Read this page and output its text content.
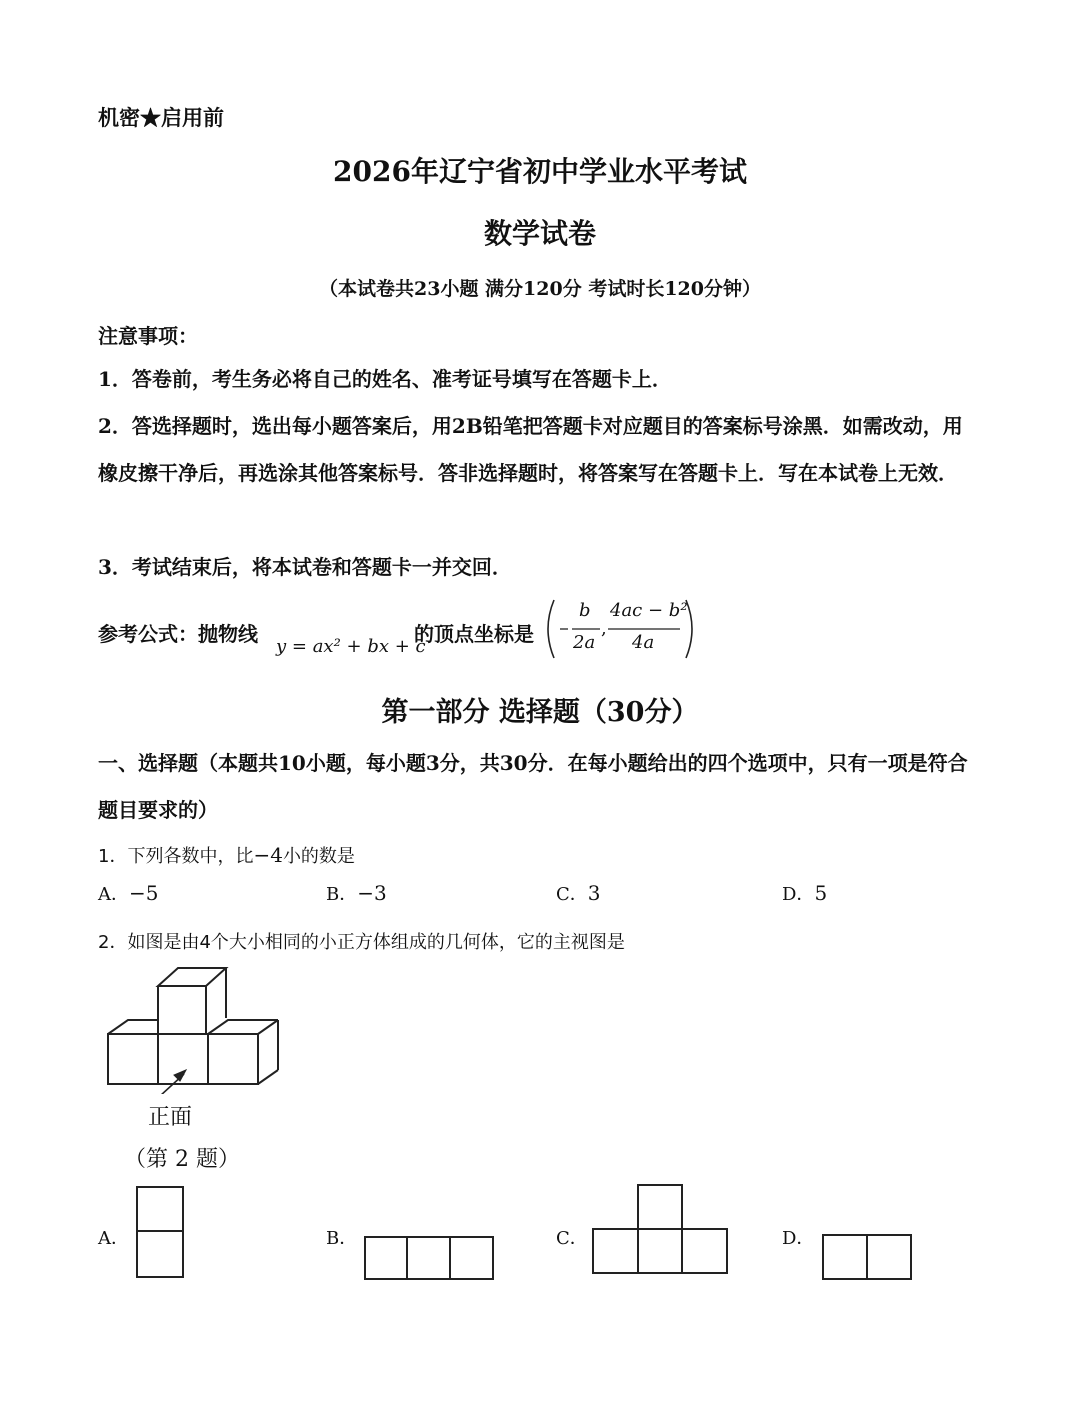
机密★启用前
2026年辽宁省初中学业水平考试
数学试卷
（本试卷共23小题 满分120分 考试时长120分钟）
注意事项：
1．答卷前，考生务必将自己的姓名、准考证号填写在答题卡上．
2．答选择题时，选出每小题答案后，用2B铅笔把答题卡对应题目的答案标号涂黑．如需改动，用橡皮擦干净后，再选涂其他答案标号．答非选择题时，将答案写在答题卡上．写在本试卷上无效．
3．考试结束后，将本试卷和答题卡一并交回．
参考公式：抛物线
y = ax² + bx + c
的顶点坐标是
b
2a
,
4ac − b²
4a
第一部分 选择题（30分）
一、选择题（本题共10小题，每小题3分，共30分．在每小题给出的四个选项中，只有一项是符合题目要求的）
1．下列各数中，比−4小的数是
A．−5	B．−3	C．3	D．5
2．如图是由4个大小相同的小正方体组成的几何体，它的主视图是
正面
（第 2 题）
A．	B．	C．	D．
